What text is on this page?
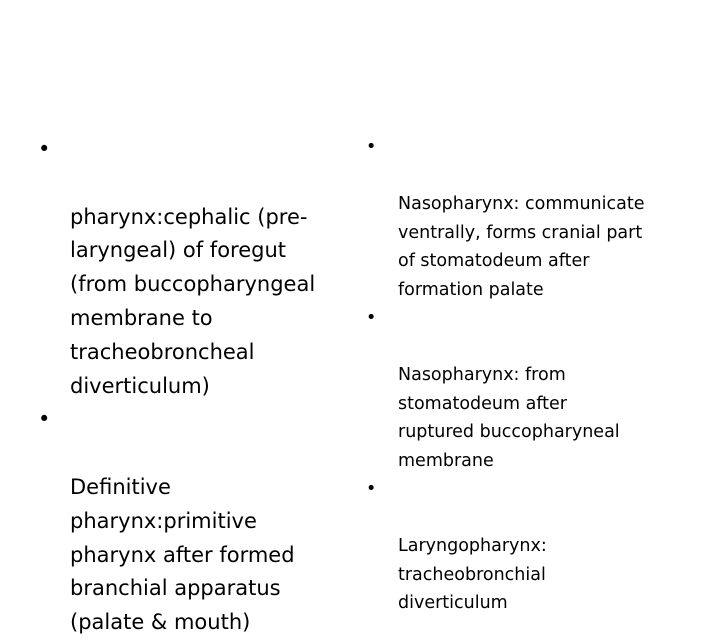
•

pharynx:cephalic (pre-
laryngeal) of foregut
(from buccopharyngeal
membrane to
tracheobroncheal
diverticulum)

•

Definitive
pharynx:primitive
pharynx after formed
branchial apparatus
(palate & mouth)

•

Nasopharynx: communicate
ventrally, forms cranial part
of stomatodeum after
formation palate

•

Nasopharynx: from
stomatodeum after
ruptured buccopharyneal
membrane

•

Laryngopharynx:
tracheobronchial
diverticulum
